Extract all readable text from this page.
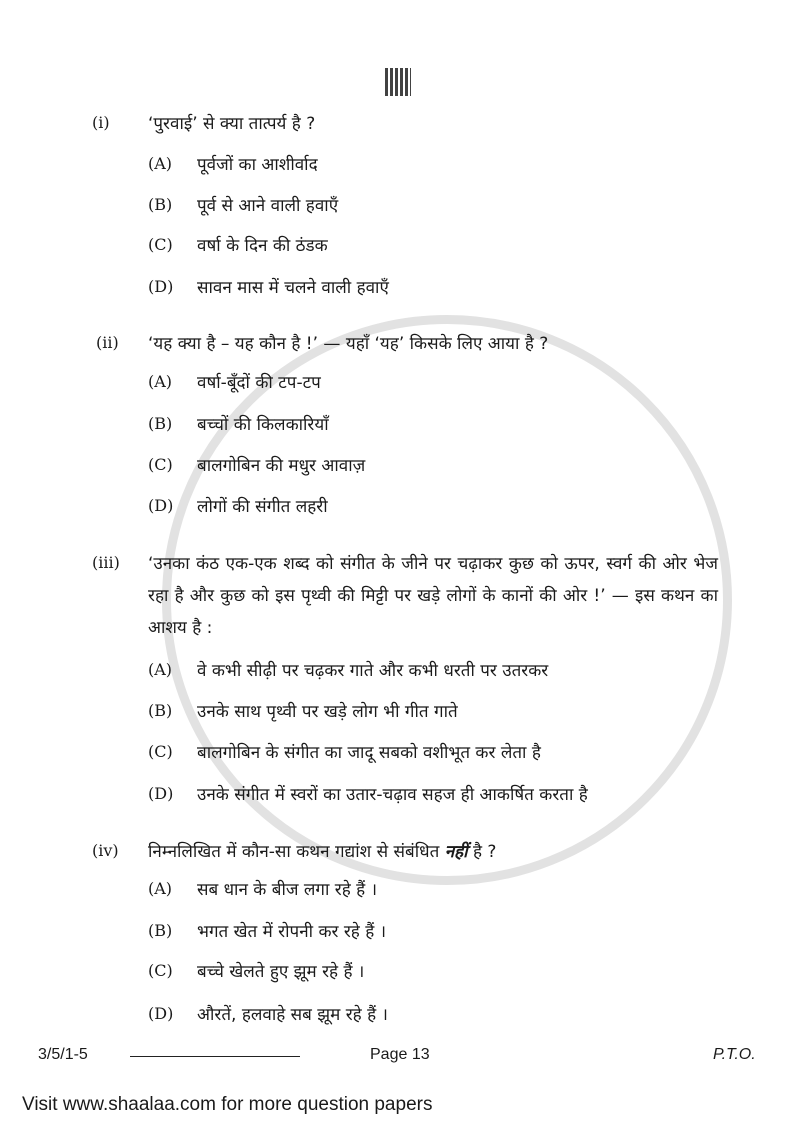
(i) ‘पुरवाई’ से क्या तात्पर्य है ?
(A) पूर्वजों का आशीर्वाद
(B) पूर्व से आने वाली हवाएँ
(C) वर्षा के दिन की ठंडक
(D) सावन मास में चलने वाली हवाएँ
(ii) ‘यह क्या है – यह कौन है !’ — यहाँ ‘यह’ किसके लिए आया है ?
(A) वर्षा-बूँदों की टप-टप
(B) बच्चों की किलकारियाँ
(C) बालगोबिन की मधुर आवाज़
(D) लोगों की संगीत लहरी
(iii) ‘उनका कंठ एक-एक शब्द को संगीत के जीने पर चढ़ाकर कुछ को ऊपर, स्वर्ग की ओर भेज रहा है और कुछ को इस पृथ्वी की मिट्टी पर खड़े लोगों के कानों की ओर !’ — इस कथन का आशय है :
(A) वे कभी सीढ़ी पर चढ़कर गाते और कभी धरती पर उतरकर
(B) उनके साथ पृथ्वी पर खड़े लोग भी गीत गाते
(C) बालगोबिन के संगीत का जादू सबको वशीभूत कर लेता है
(D) उनके संगीत में स्वरों का उतार-चढ़ाव सहज ही आकर्षित करता है
(iv) निम्नलिखित में कौन-सा कथन गद्यांश से संबंधित नहीं है ?
(A) सब धान के बीज लगा रहे हैं ।
(B) भगत खेत में रोपनी कर रहे हैं ।
(C) बच्चे खेलते हुए झूम रहे हैं ।
(D) औरतें, हलवाहे सब झूम रहे हैं ।
3/5/1-5	Page 13	P.T.O.
Visit www.shaalaa.com for more question papers
